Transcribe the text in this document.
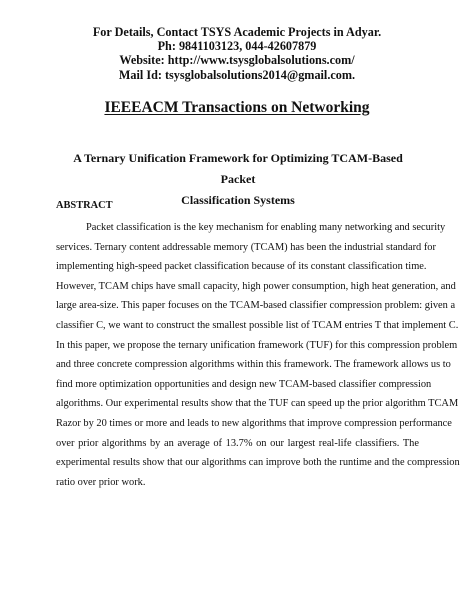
For Details, Contact TSYS Academic Projects in Adyar.
Ph: 9841103123, 044-42607879
Website: http://www.tsysglobalsolutions.com/
Mail Id: tsysglobalsolutions2014@gmail.com.
IEEEACM Transactions on Networking
A Ternary Unification Framework for Optimizing TCAM-Based Packet
Classification Systems
ABSTRACT
Packet classification is the key mechanism for enabling many networking and security
services. Ternary content addressable memory (TCAM) has been the industrial standard for
implementing high-speed packet classification because of its constant classification time.
However, TCAM chips have small capacity, high power consumption, high heat generation, and
large area-size. This paper focuses on the TCAM-based classifier compression problem: given a
classifier C, we want to construct the smallest possible list of TCAM entries T that implement C.
In this paper, we propose the ternary unification framework (TUF) for this compression problem
and three concrete compression algorithms within this framework. The framework allows us to
find more optimization opportunities and design new TCAM-based classifier compression
algorithms. Our experimental results show that the TUF can speed up the prior algorithm TCAM
Razor by 20 times or more and leads to new algorithms that improve compression performance
over prior algorithms by an average of 13.7% on our largest real-life classifiers. The
experimental results show that our algorithms can improve both the runtime and the compression
ratio over prior work.
